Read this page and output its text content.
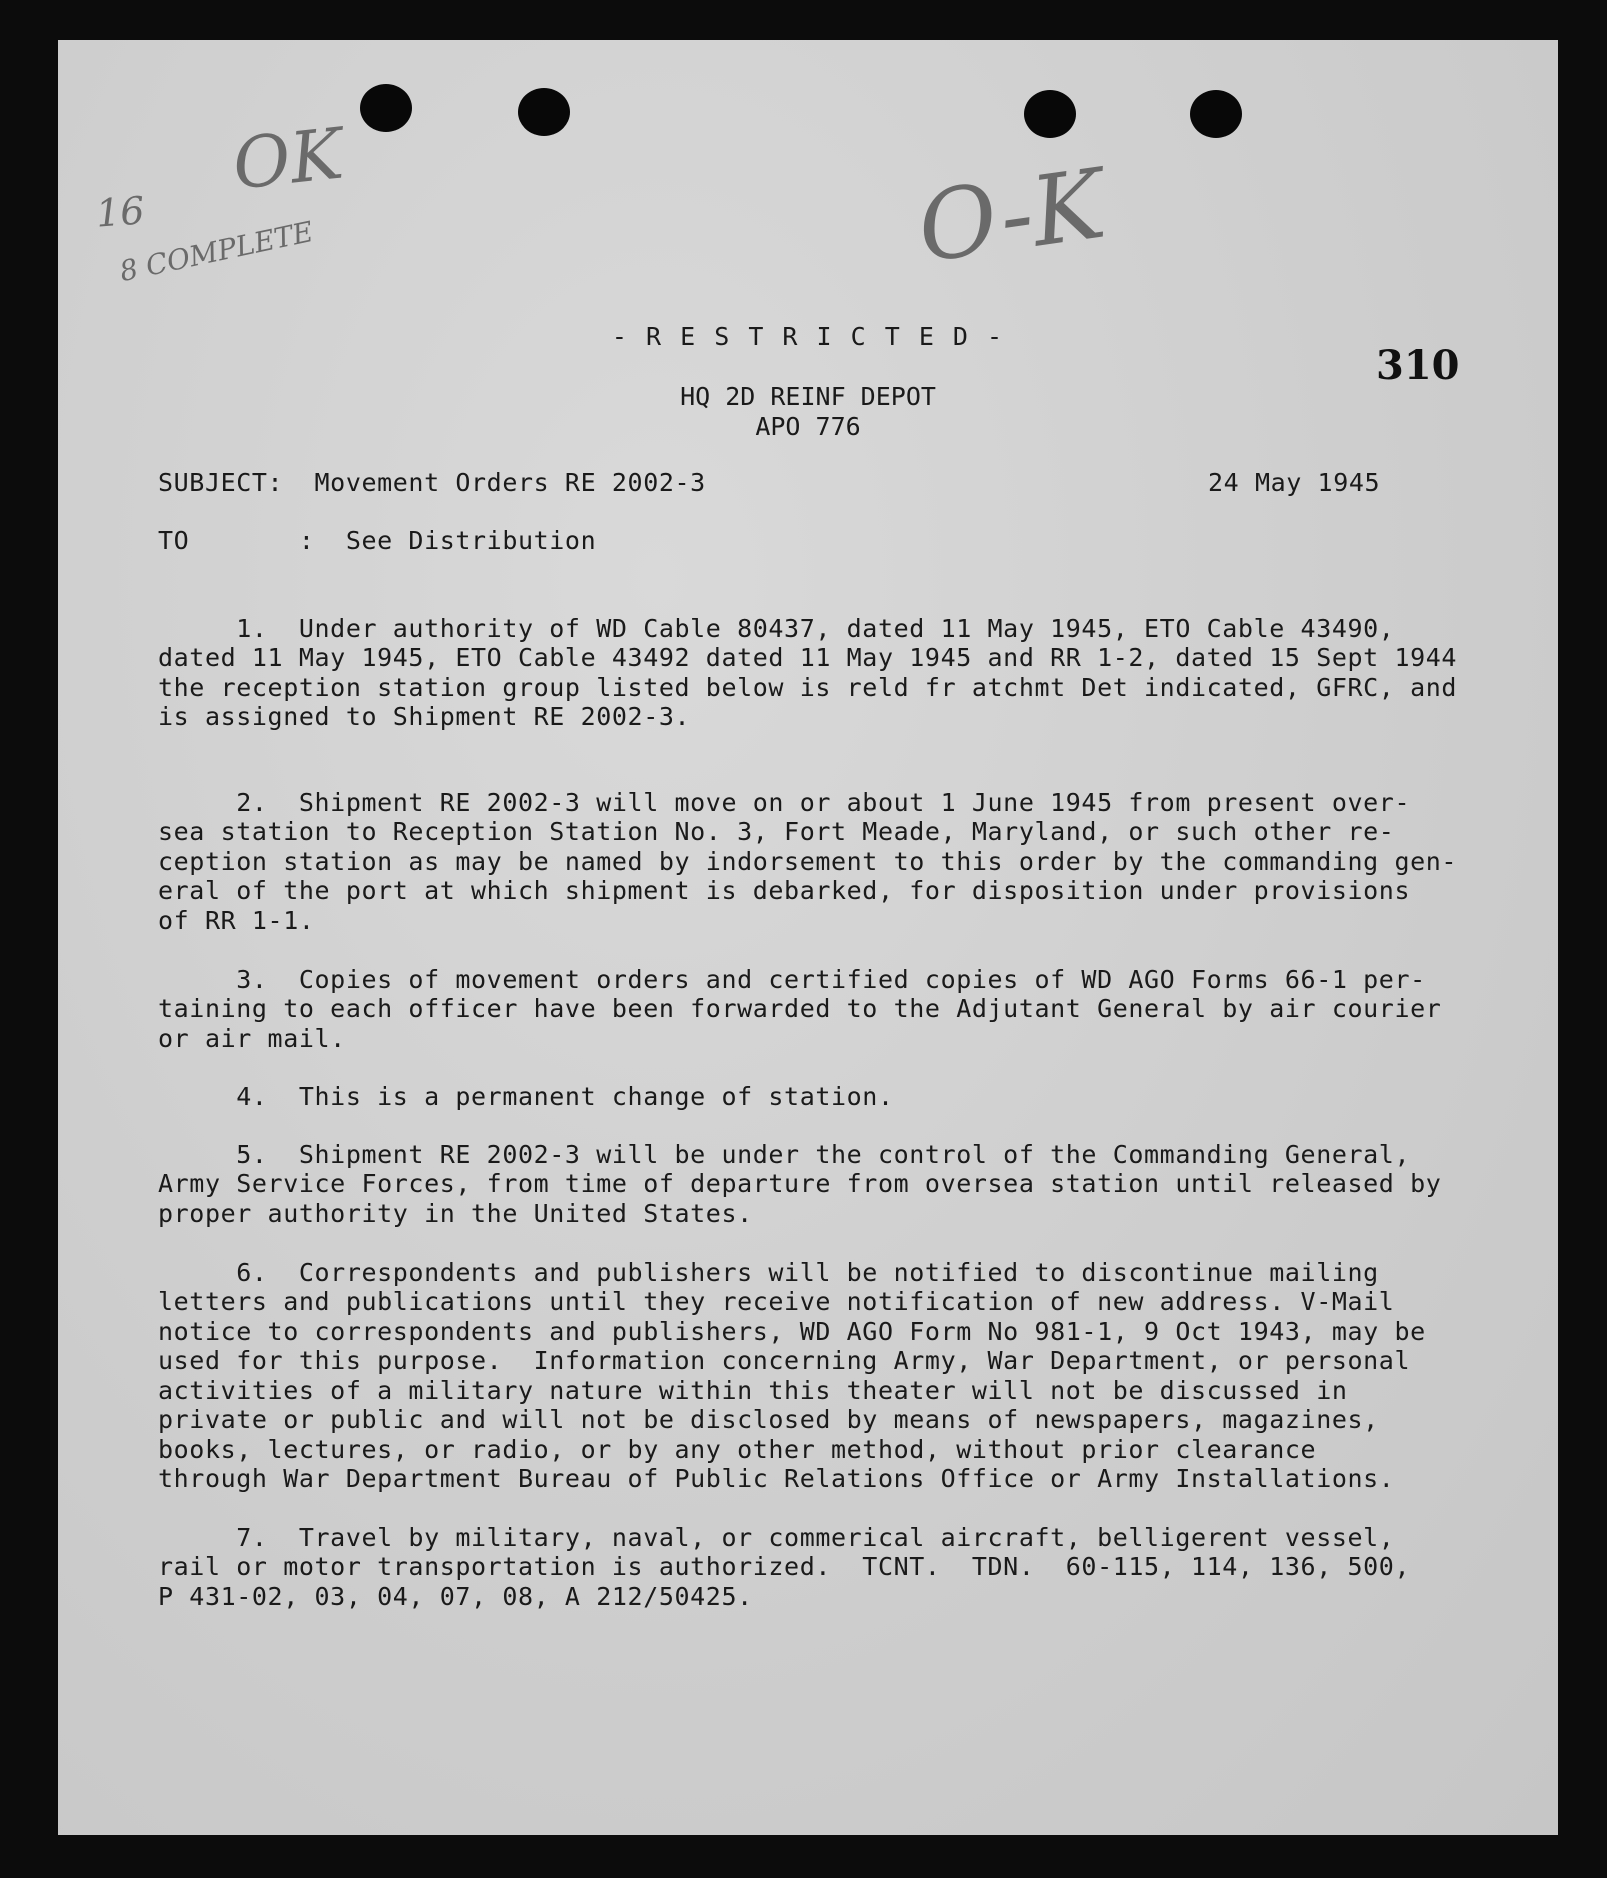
OK	O-K
16
8 COMPLETE
- R E S T R I C T E D -
310
HQ 2D REINF DEPOT
APO 776
SUBJECT:  Movement Orders RE 2002-3	24 May 1945
TO       :  See Distribution

1.  Under authority of WD Cable 80437, dated 11 May 1945, ETO Cable 43490,
dated 11 May 1945, ETO Cable 43492 dated 11 May 1945 and RR 1-2, dated 15 Sept 1944
the reception station group listed below is reld fr atchmt Det indicated, GFRC, and
is assigned to Shipment RE 2002-3.

2.  Shipment RE 2002-3 will move on or about 1 June 1945 from present over-
sea station to Reception Station No. 3, Fort Meade, Maryland, or such other re-
ception station as may be named by indorsement to this order by the commanding gen-
eral of the port at which shipment is debarked, for disposition under provisions
of RR 1-1.

3.  Copies of movement orders and certified copies of WD AGO Forms 66-1 per-
taining to each officer have been forwarded to the Adjutant General by air courier
or air mail.

4.  This is a permanent change of station.

5.  Shipment RE 2002-3 will be under the control of the Commanding General,
Army Service Forces, from time of departure from oversea station until released by
proper authority in the United States.

6.  Correspondents and publishers will be notified to discontinue mailing
letters and publications until they receive notification of new address. V-Mail
notice to correspondents and publishers, WD AGO Form No 981-1, 9 Oct 1943, may be
used for this purpose.  Information concerning Army, War Department, or personal
activities of a military nature within this theater will not be discussed in
private or public and will not be disclosed by means of newspapers, magazines,
books, lectures, or radio, or by any other method, without prior clearance
through War Department Bureau of Public Relations Office or Army Installations.

7.  Travel by military, naval, or commerical aircraft, belligerent vessel,
rail or motor transportation is authorized.  TCNT.  TDN.  60-115, 114, 136, 500,
P 431-02, 03, 04, 07, 08, A 212/50425.
